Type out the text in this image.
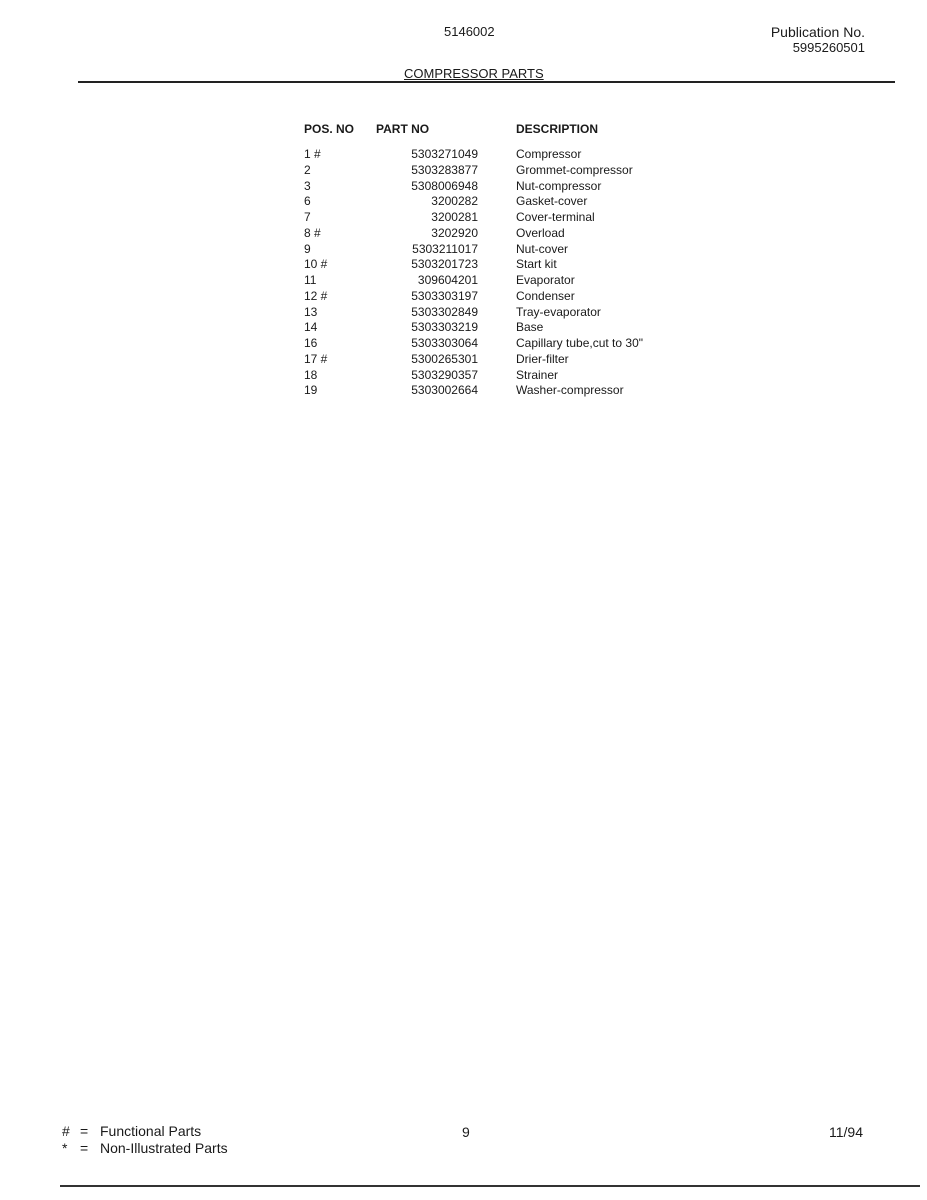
5146002	Publication No.
5995260501
COMPRESSOR PARTS
POS. NO	PART NO	DESCRIPTION
1 #	5303271049	Compressor
2	5303283877	Grommet-compressor
3	5308006948	Nut-compressor
6	3200282	Gasket-cover
7	3200281	Cover-terminal
8 #	3202920	Overload
9	5303211017	Nut-cover
10 #	5303201723	Start kit
11	309604201	Evaporator
12 #	5303303197	Condenser
13	5303302849	Tray-evaporator
14	5303303219	Base
16	5303303064	Capillary tube,cut to 30"
17 #	5300265301	Drier-filter
18	5303290357	Strainer
19	5303002664	Washer-compressor
# = Functional Parts
* = Non-Illustrated Parts
9	11/94
